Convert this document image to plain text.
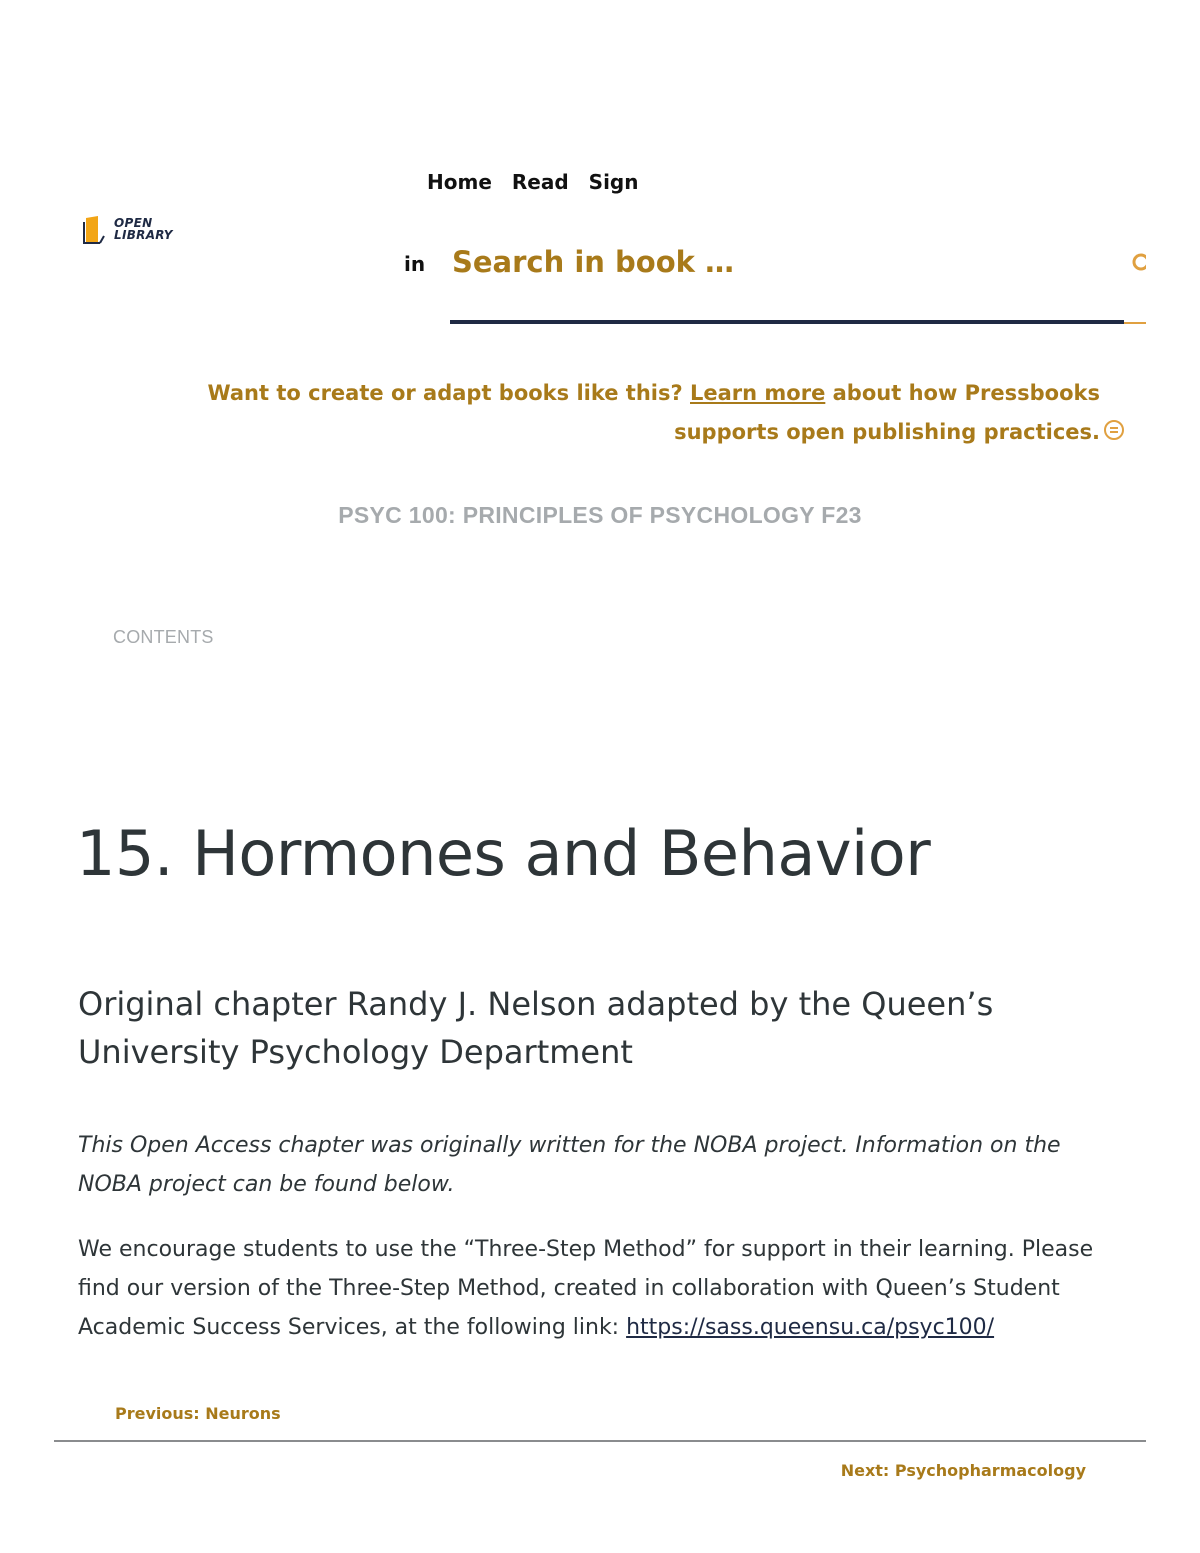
OPEN
LIBRARY
Home Read Sign
in
Search in book …
Want to create or adapt books like this? Learn more about how Pressbooks supports open publishing practices.
PSYC 100: PRINCIPLES OF PSYCHOLOGY F23
CONTENTS
15. Hormones and Behavior
Original chapter Randy J. Nelson adapted by the Queen’s University Psychology Department

This Open Access chapter was originally written for the NOBA project. Information on the NOBA project can be found below.

We encourage students to use the “Three-Step Method” for support in their learning. Please find our version of the Three-Step Method, created in collaboration with Queen’s Student Academic Success Services, at the following link: https://sass.queensu.ca/psyc100/

Previous: Neurons
Next: Psychopharmacology
